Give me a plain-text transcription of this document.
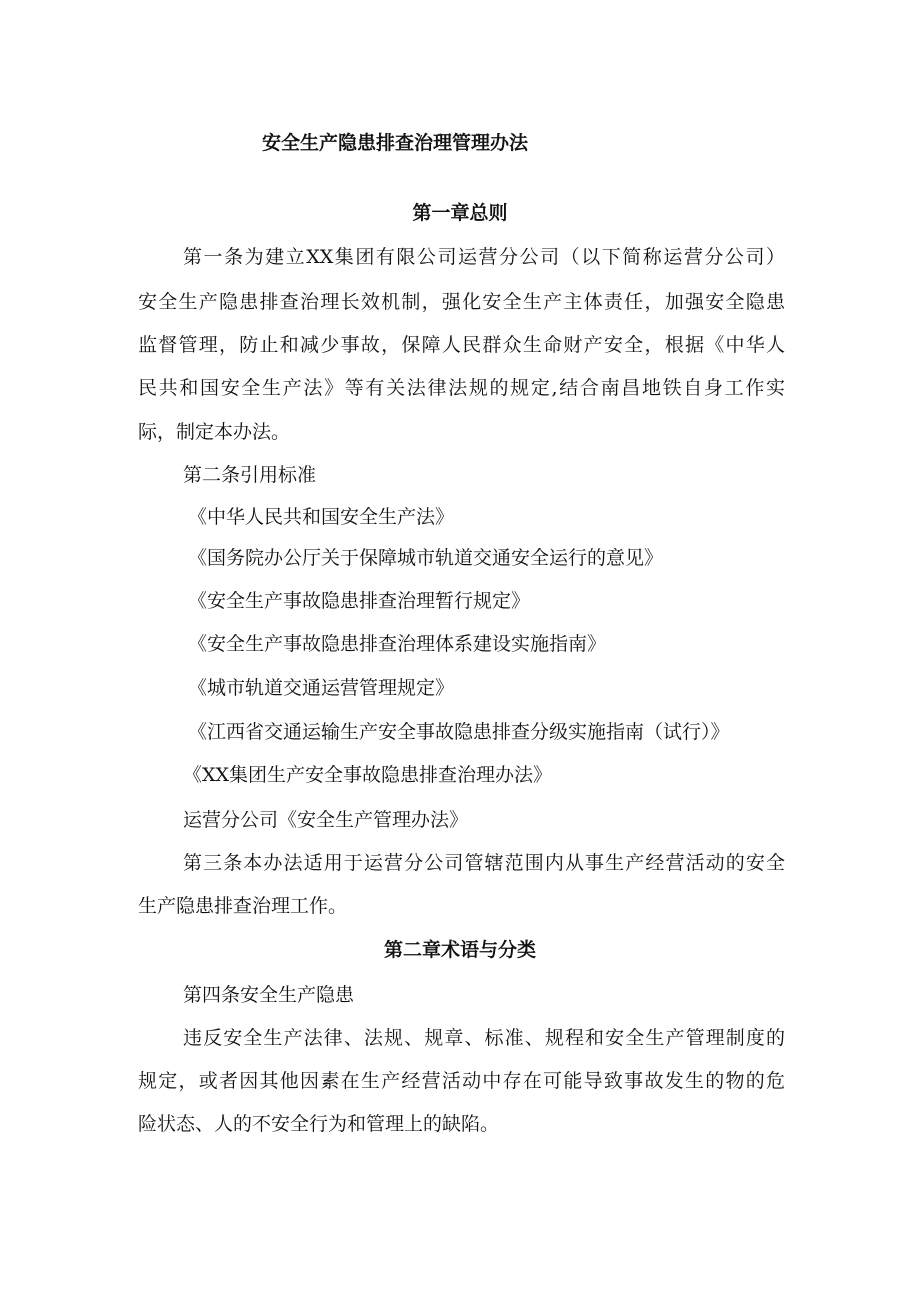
安全生产隐患排查治理管理办法
第一章总则
第一条为建立XX集团有限公司运营分公司（以下简称运营分公司）
安全生产隐患排查治理长效机制，强化安全生产主体责任，加强安全隐患
监督管理，防止和减少事故，保障人民群众生命财产安全，根据《中华人
民共和国安全生产法》等有关法律法规的规定,结合南昌地铁自身工作实
际，制定本办法。
第二条引用标准
《中华人民共和国安全生产法》
《国务院办公厅关于保障城市轨道交通安全运行的意见》
《安全生产事故隐患排查治理暂行规定》
《安全生产事故隐患排查治理体系建设实施指南》
《城市轨道交通运营管理规定》
《江西省交通运输生产安全事故隐患排查分级实施指南（试行）》
《XX集团生产安全事故隐患排查治理办法》
运营分公司《安全生产管理办法》
第三条本办法适用于运营分公司管辖范围内从事生产经营活动的安全
生产隐患排查治理工作。
第二章术语与分类
第四条安全生产隐患
违反安全生产法律、法规、规章、标准、规程和安全生产管理制度的
规定，或者因其他因素在生产经营活动中存在可能导致事故发生的物的危
险状态、人的不安全行为和管理上的缺陷。
